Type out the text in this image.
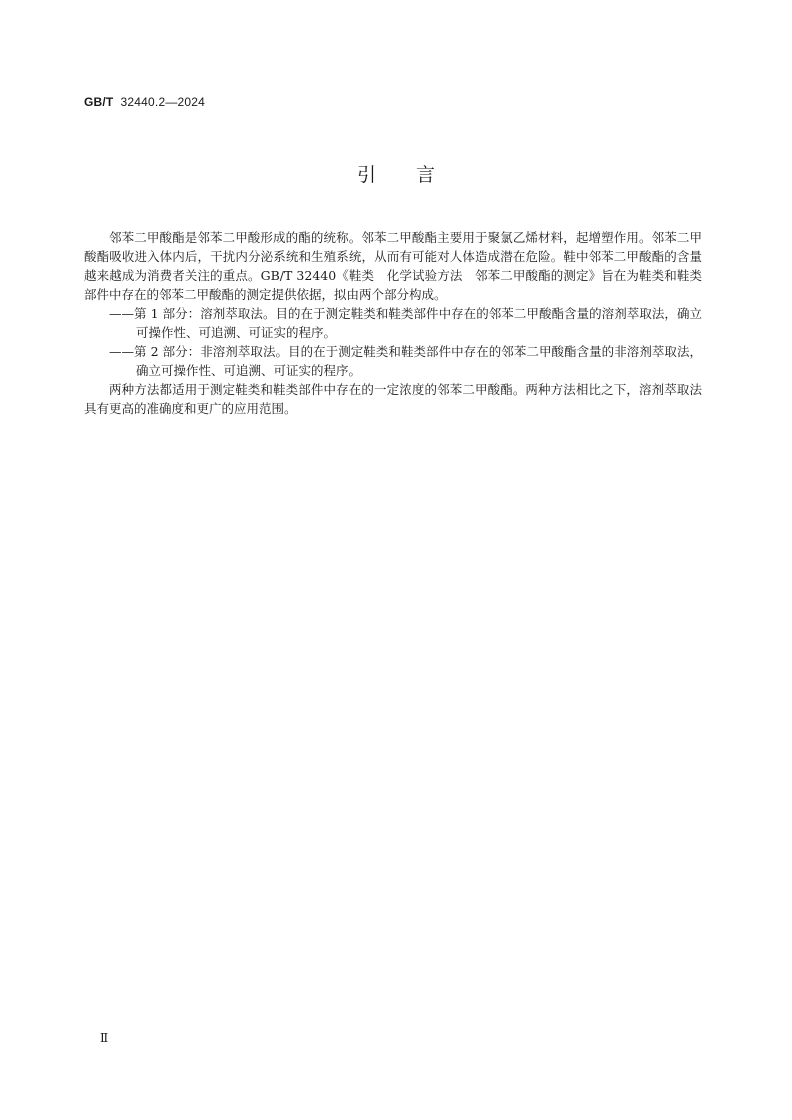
GB/T 32440.2—2024

引言

邻苯二甲酸酯是邻苯二甲酸形成的酯的统称。邻苯二甲酸酯主要用于聚氯乙烯材料，起增塑作用。邻苯二甲酸酯吸收进入体内后，干扰内分泌系统和生殖系统，从而有可能对人体造成潜在危险。鞋中邻苯二甲酸酯的含量越来越成为消费者关注的重点。GB/T 32440《鞋类　化学试验方法　邻苯二甲酸酯的测定》旨在为鞋类和鞋类部件中存在的邻苯二甲酸酯的测定提供依据，拟由两个部分构成。

——第 1 部分：溶剂萃取法。目的在于测定鞋类和鞋类部件中存在的邻苯二甲酸酯含量的溶剂萃取法，确立可操作性、可追溯、可证实的程序。

——第 2 部分：非溶剂萃取法。目的在于测定鞋类和鞋类部件中存在的邻苯二甲酸酯含量的非溶剂萃取法，确立可操作性、可追溯、可证实的程序。

两种方法都适用于测定鞋类和鞋类部件中存在的一定浓度的邻苯二甲酸酯。两种方法相比之下，溶剂萃取法具有更高的准确度和更广的应用范围。

Ⅱ
